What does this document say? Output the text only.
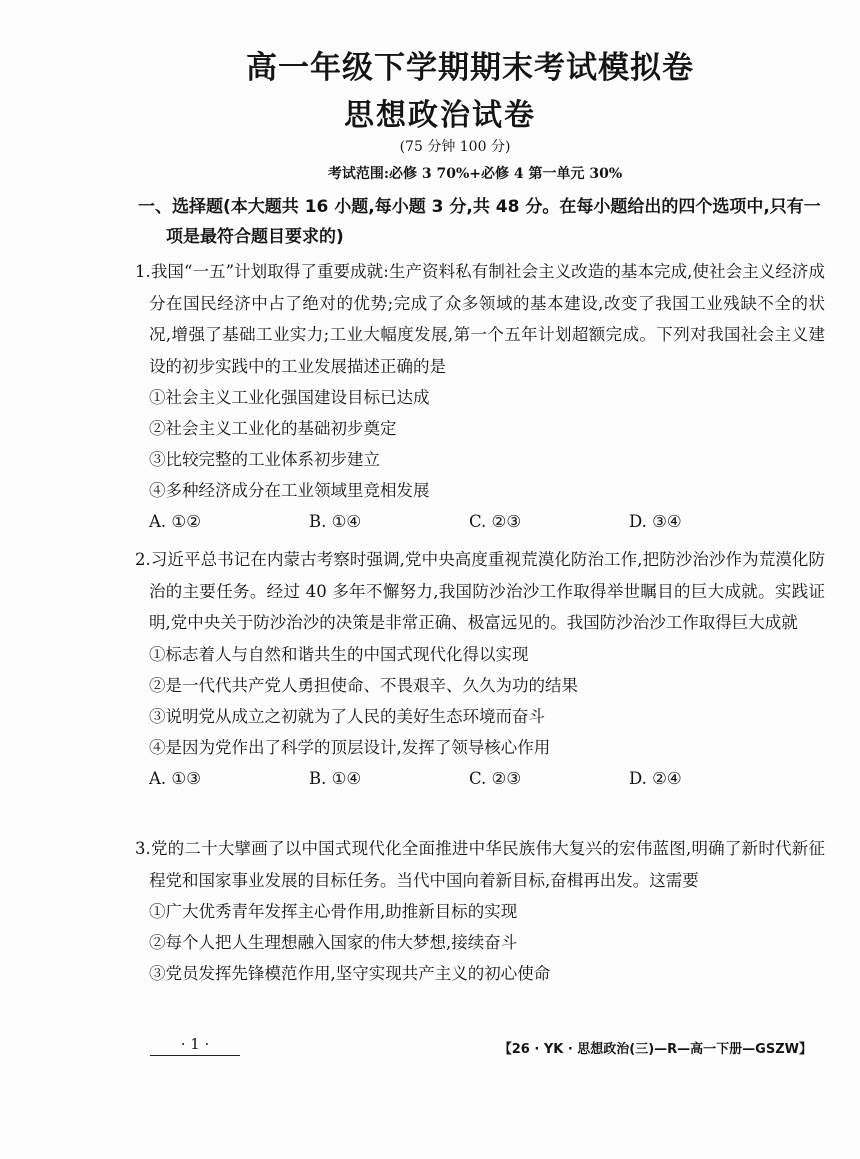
高一年级下学期期末考试模拟卷
思想政治试卷
(75 分钟 100 分)
考试范围:必修 3 70%+必修 4 第一单元 30%
一、选择题(本大题共 16 小题,每小题 3 分,共 48 分。在每小题给出的四个选项中,只有一项是最符合题目要求的)
1.我国“一五”计划取得了重要成就:生产资料私有制社会主义改造的基本完成,使社会主义经济成分在国民经济中占了绝对的优势;完成了众多领域的基本建设,改变了我国工业残缺不全的状况,增强了基础工业实力;工业大幅度发展,第一个五年计划超额完成。下列对我国社会主义建设的初步实践中的工业发展描述正确的是
①社会主义工业化强国建设目标已达成
②社会主义工业化的基础初步奠定
③比较完整的工业体系初步建立
④多种经济成分在工业领域里竞相发展
A. ①②	B. ①④	C. ②③	D. ③④
2.习近平总书记在内蒙古考察时强调,党中央高度重视荒漠化防治工作,把防沙治沙作为荒漠化防治的主要任务。经过 40 多年不懈努力,我国防沙治沙工作取得举世瞩目的巨大成就。实践证明,党中央关于防沙治沙的决策是非常正确、极富远见的。我国防沙治沙工作取得巨大成就
①标志着人与自然和谐共生的中国式现代化得以实现
②是一代代共产党人勇担使命、不畏艰辛、久久为功的结果
③说明党从成立之初就为了人民的美好生态环境而奋斗
④是因为党作出了科学的顶层设计,发挥了领导核心作用
A. ①③	B. ①④	C. ②③	D. ②④
3.党的二十大擘画了以中国式现代化全面推进中华民族伟大复兴的宏伟蓝图,明确了新时代新征程党和国家事业发展的目标任务。当代中国向着新目标,奋楫再出发。这需要
①广大优秀青年发挥主心骨作用,助推新目标的实现
②每个人把人生理想融入国家的伟大梦想,接续奋斗
③党员发挥先锋模范作用,坚守实现共产主义的初心使命
· 1 ·	【26 · YK · 思想政治(三)—R—高一下册—GSZW】
